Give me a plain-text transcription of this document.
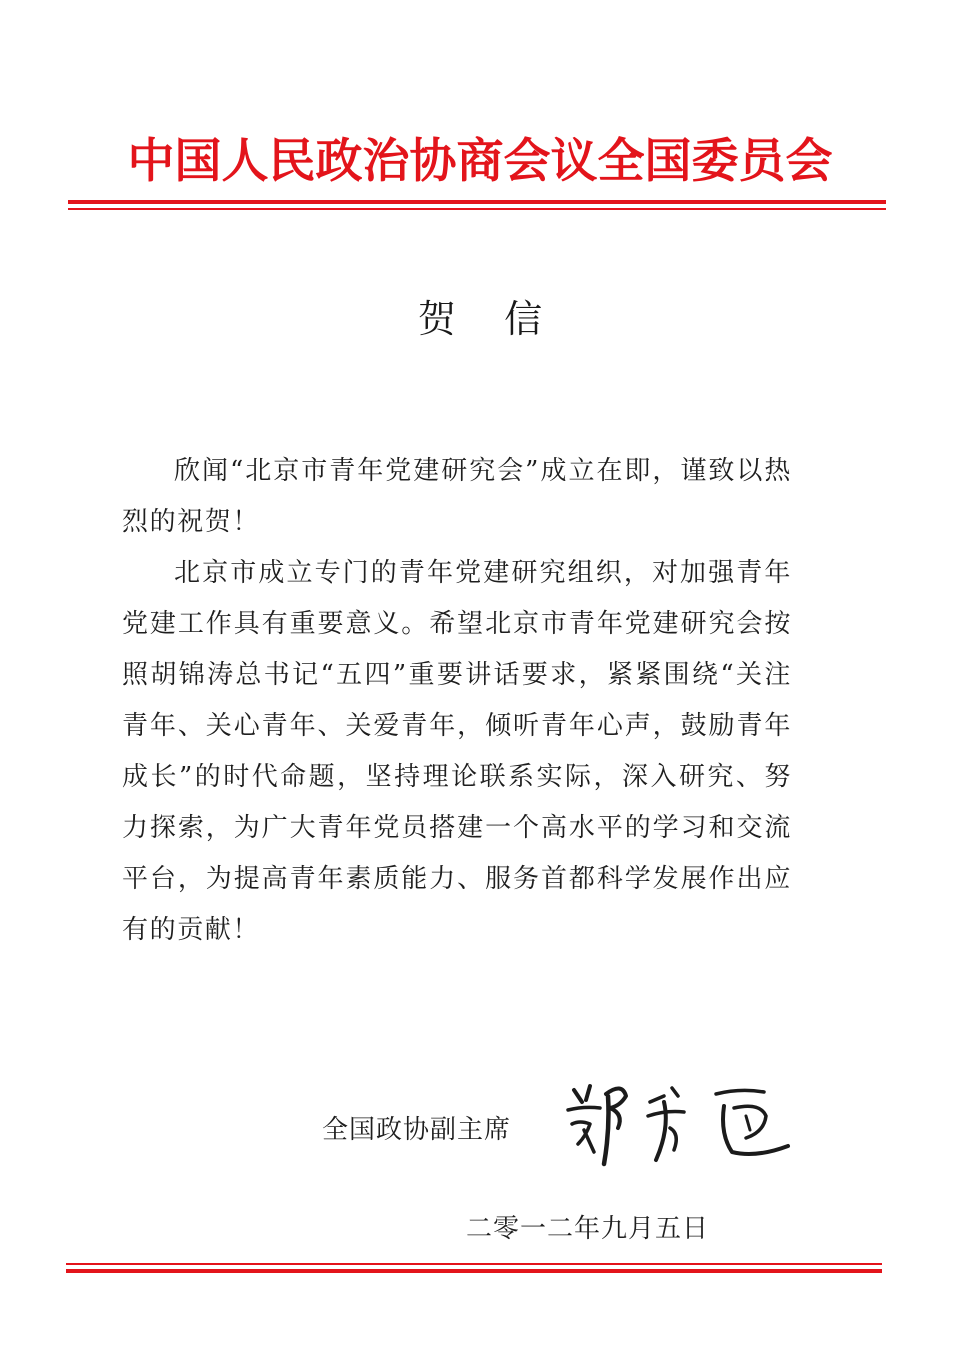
中国人民政治协商会议全国委员会
贺    信

欣闻“北京市青年党建研究会”成立在即，谨致以热烈的祝贺！

北京市成立专门的青年党建研究组织，对加强青年党建工作具有重要意义。希望北京市青年党建研究会按照胡锦涛总书记“五四”重要讲话要求，紧紧围绕“关注青年、关心青年、关爱青年，倾听青年心声，鼓励青年成长”的时代命题，坚持理论联系实际，深入研究、努力探索，为广大青年党员搭建一个高水平的学习和交流平台，为提高青年素质能力、服务首都科学发展作出应有的贡献！

全国政协副主席
二零一二年九月五日
